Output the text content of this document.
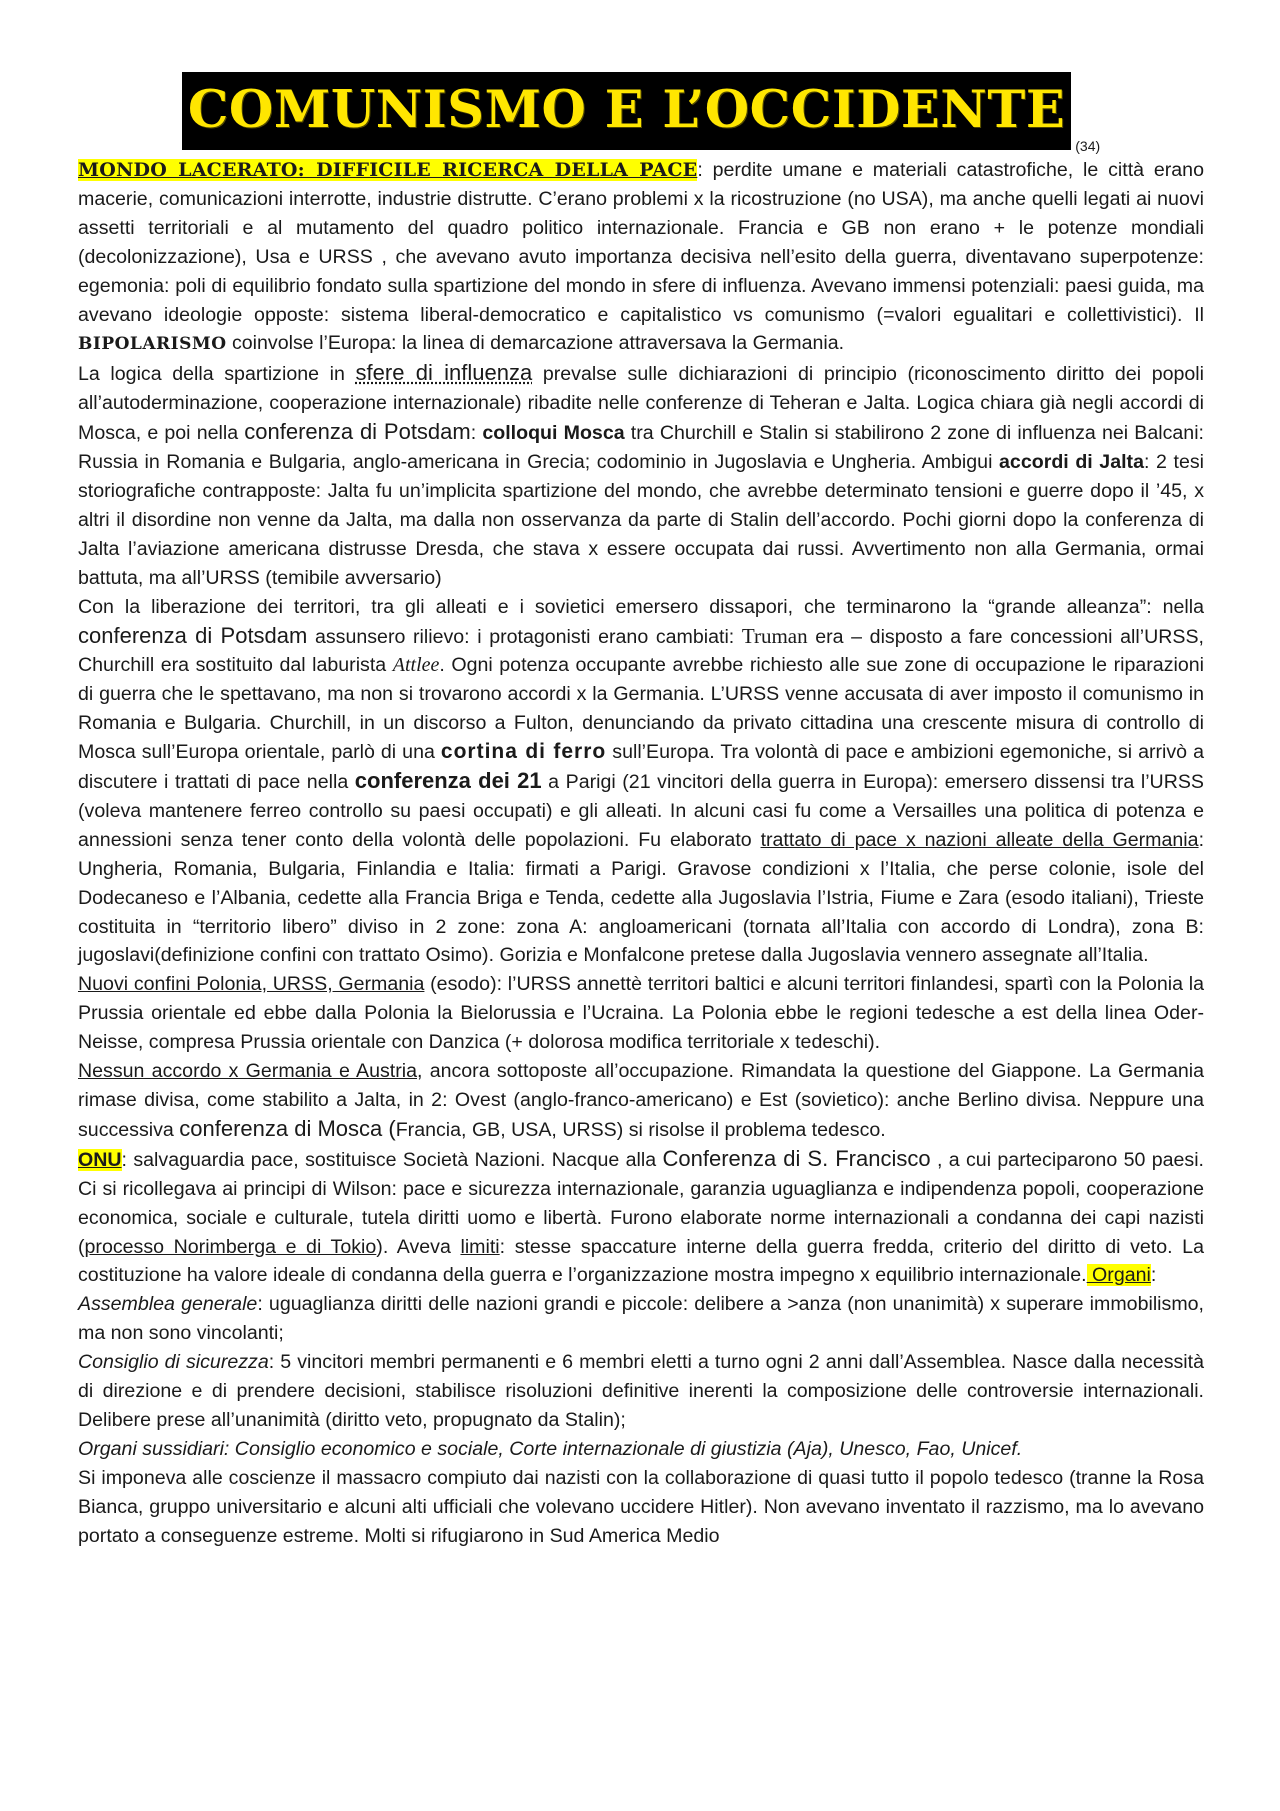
COMUNISMO E $L’OCCIDENTE_{(34)}$

MONDO LACERATO: DIFFICILE RICERCA DELLA PACE: perdite umane e materiali catastrofiche, le città erano macerie, comunicazioni interrotte, industrie distrutte. C’erano problemi x la ricostruzione (no USA), ma anche quelli legati ai nuovi assetti territoriali e al mutamento del quadro politico internazionale. Francia e GB non erano + le potenze mondiali (decolonizzazione), Usa e URSS , che avevano avuto importanza decisiva nell’esito della guerra, diventavano superpotenze: egemonia: poli di equilibrio fondato sulla spartizione del mondo in sfere di influenza. Avevano immensi potenziali: paesi guida, ma avevano ideologie opposte: sistema liberal-democratico e capitalistico vs comunismo (=valori egualitari e collettivistici). Il BIPOLARISMO coinvolse l’Europa: la linea di demarcazione attraversava la Germania.

La logica della spartizione in sfere di influenza prevalse sulle dichiarazioni di principio (riconoscimento diritto dei popoli all’autoderminazione, cooperazione internazionale) ribadite nelle conferenze di Teheran e Jalta. Logica chiara già negli accordi di Mosca, e poi nella conferenza di Potsdam: colloqui Mosca tra Churchill e Stalin si stabilirono 2 zone di influenza nei Balcani: Russia in Romania e Bulgaria, anglo-americana in Grecia; codominio in Jugoslavia e Ungheria. Ambigui accordi di Jalta: 2 tesi storiografiche contrapposte: Jalta fu un’implicita spartizione del mondo, che avrebbe determinato tensioni e guerre dopo il ’45, x altri il disordine non venne da Jalta, ma dalla non osservanza da parte di Stalin dell’accordo. Pochi giorni dopo la conferenza di Jalta l’aviazione americana distrusse Dresda, che stava x essere occupata dai russi. Avvertimento non alla Germania, ormai battuta, ma all’URSS (temibile avversario)

Con la liberazione dei territori, tra gli alleati e i sovietici emersero dissapori, che terminarono la “grande alleanza”: nella conferenza di Potsdam assunsero rilievo: i protagonisti erano cambiati: Truman era – disposto a fare concessioni all’URSS, Churchill era sostituito dal laburista Attlee. Ogni potenza occupante avrebbe richiesto alle sue zone di occupazione le riparazioni di guerra che le spettavano, ma non si trovarono accordi x la Germania. L’URSS venne accusata di aver imposto il comunismo in Romania e Bulgaria. Churchill, in un discorso a Fulton, denunciando da privato cittadina una crescente misura di controllo di Mosca sull’Europa orientale, parlò di una cortina di ferro sull’Europa. Tra volontà di pace e ambizioni egemoniche, si arrivò a discutere i trattati di pace nella conferenza dei 21 a Parigi (21 vincitori della guerra in Europa): emersero dissensi tra l’URSS (voleva mantenere ferreo controllo su paesi occupati) e gli alleati. In alcuni casi fu come a Versailles una politica di potenza e annessioni senza tener conto della volontà delle popolazioni. Fu elaborato trattato di pace x nazioni alleate della Germania: Ungheria, Romania, Bulgaria, Finlandia e Italia: firmati a Parigi. Gravose condizioni x l’Italia, che perse colonie, isole del Dodecaneso e l’Albania, cedette alla Francia Briga e Tenda, cedette alla Jugoslavia l’Istria, Fiume e Zara (esodo italiani), Trieste costituita in “territorio libero” diviso in 2 zone: zona A: angloamericani (tornata all’Italia con accordo di Londra), zona B: jugoslavi(definizione confini con trattato Osimo). Gorizia e Monfalcone pretese dalla Jugoslavia vennero assegnate all’Italia.

Nuovi confini Polonia, URSS, Germania (esodo): l’URSS annettè territori baltici e alcuni territori finlandesi, spartì con la Polonia la Prussia orientale ed ebbe dalla Polonia la Bielorussia e l’Ucraina. La Polonia ebbe le regioni tedesche a est della linea Oder-Neisse, compresa Prussia orientale con Danzica (+ dolorosa modifica territoriale x tedeschi).

Nessun accordo x Germania e Austria, ancora sottoposte all’occupazione. Rimandata la questione del Giappone. La Germania rimase divisa, come stabilito a Jalta, in 2: Ovest (anglo-franco-americano) e Est (sovietico): anche Berlino divisa. Neppure una successiva conferenza di Mosca (Francia, GB, USA, URSS) si risolse il problema tedesco.

ONU: salvaguardia pace, sostituisce Società Nazioni. Nacque alla Conferenza di S. Francisco , a cui parteciparono 50 paesi. Ci si ricollegava ai principi di Wilson: pace e sicurezza internazionale, garanzia uguaglianza e indipendenza popoli, cooperazione economica, sociale e culturale, tutela diritti uomo e libertà. Furono elaborate norme internazionali a condanna dei capi nazisti (processo Norimberga e di Tokio). Aveva limiti: stesse spaccature interne della guerra fredda, criterio del diritto di veto. La costituzione ha valore ideale di condanna della guerra e l’organizzazione mostra impegno x equilibrio internazionale. Organi:

Assemblea generale: uguaglianza diritti delle nazioni grandi e piccole: delibere a >anza (non unanimità) x superare immobilismo, ma non sono vincolanti;

Consiglio di sicurezza: 5 vincitori membri permanenti e 6 membri eletti a turno ogni 2 anni dall’Assemblea. Nasce dalla necessità di direzione e di prendere decisioni, stabilisce risoluzioni definitive inerenti la composizione delle controversie internazionali. Delibere prese all’unanimità (diritto veto, propugnato da Stalin);

Organi sussidiari: Consiglio economico e sociale, Corte internazionale di giustizia (Aja), Unesco, Fao, Unicef.

Si imponeva alle coscienze il massacro compiuto dai nazisti con la collaborazione di quasi tutto il popolo tedesco (tranne la Rosa Bianca, gruppo universitario e alcuni alti ufficiali che volevano uccidere Hitler). Non avevano inventato il razzismo, ma lo avevano portato a conseguenze estreme. Molti si rifugiarono in Sud America Medio
